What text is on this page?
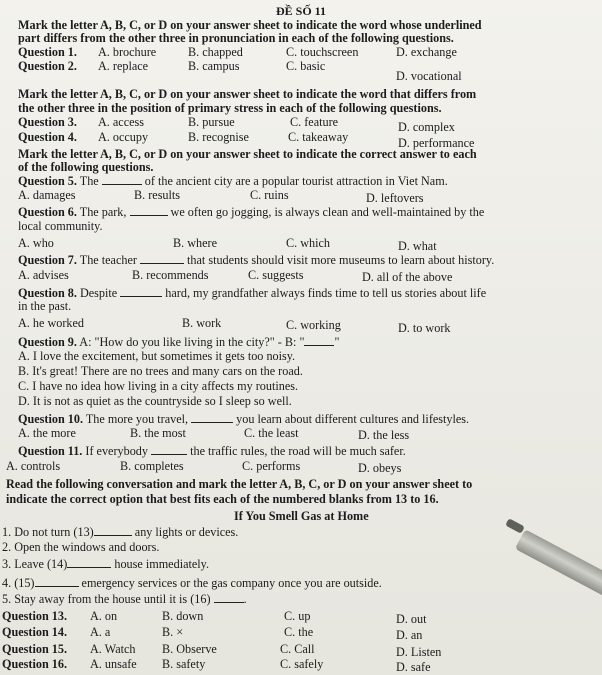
ĐỀ SỐ 11
Mark the letter A, B, C, or D on your answer sheet to indicate the word whose underlined
part differs from the other three in pronunciation in each of the following questions.
Question 1. A. brochure	B. chapped	C. touchscreen	D. exchange
Question 2. A. replace	B. campus	C. basic
D. vocational
Mark the letter A, B, C, or D on your answer sheet to indicate the word that differs from
the other three in the position of primary stress in each of the following questions.
Question 3. A. access	B. pursue	C. feature	D. complex
Question 4. A. occupy	B. recognise	C. takeaway	D. performance
Mark the letter A, B, C, or D on your answer sheet to indicate the correct answer to each
of the following questions.
Question 5. The	of the ancient city are a popular tourist attraction in Viet Nam.
A. damages	B. results	C. ruins	D. leftovers
Question 6. The park,	we often go jogging, is always clean and well-maintained by the
local community.
A. who	B. where	C. which	D. what
Question 7. The teacher	that students should visit more museums to learn about history.
A. advises	B. recommends	C. suggests	D. all of the above
Question 8. Despite	hard, my grandfather always finds time to tell us stories about life
in the past.
A. he worked	B. work	C. working	D. to work
Question 9. A: "How do you like living in the city?" - B: " "
A. I love the excitement, but sometimes it gets too noisy.
B. It's great! There are no trees and many cars on the road.
C. I have no idea how living in a city affects my routines.
D. It is not as quiet as the countryside so I sleep so well.
Question 10. The more you travel,	you learn about different cultures and lifestyles.
A. the more	B. the most	C. the least	D. the less
Question 11. If everybody	the traffic rules, the road will be much safer.
A. controls	B. completes	C. performs	D. obeys
Read the following conversation and mark the letter A, B, C, or D on your answer sheet to
indicate the correct option that best fits each of the numbered blanks from 13 to 16.
If You Smell Gas at Home
1. Do not turn (13)	any lights or devices.
2. Open the windows and doors.
3. Leave (14)	house immediately.
4. (15)	emergency services or the gas company once you are outside.
5. Stay away from the house until it is (16)	.
Question 13. A. on	B. down	C. up	D. out
Question 14. A. a	B. ×	C. the	D. an
Question 15. A. Watch B. Observe	C. Call	D. Listen
Question 16. A. unsafe B. safety	C. safely	D. safe
